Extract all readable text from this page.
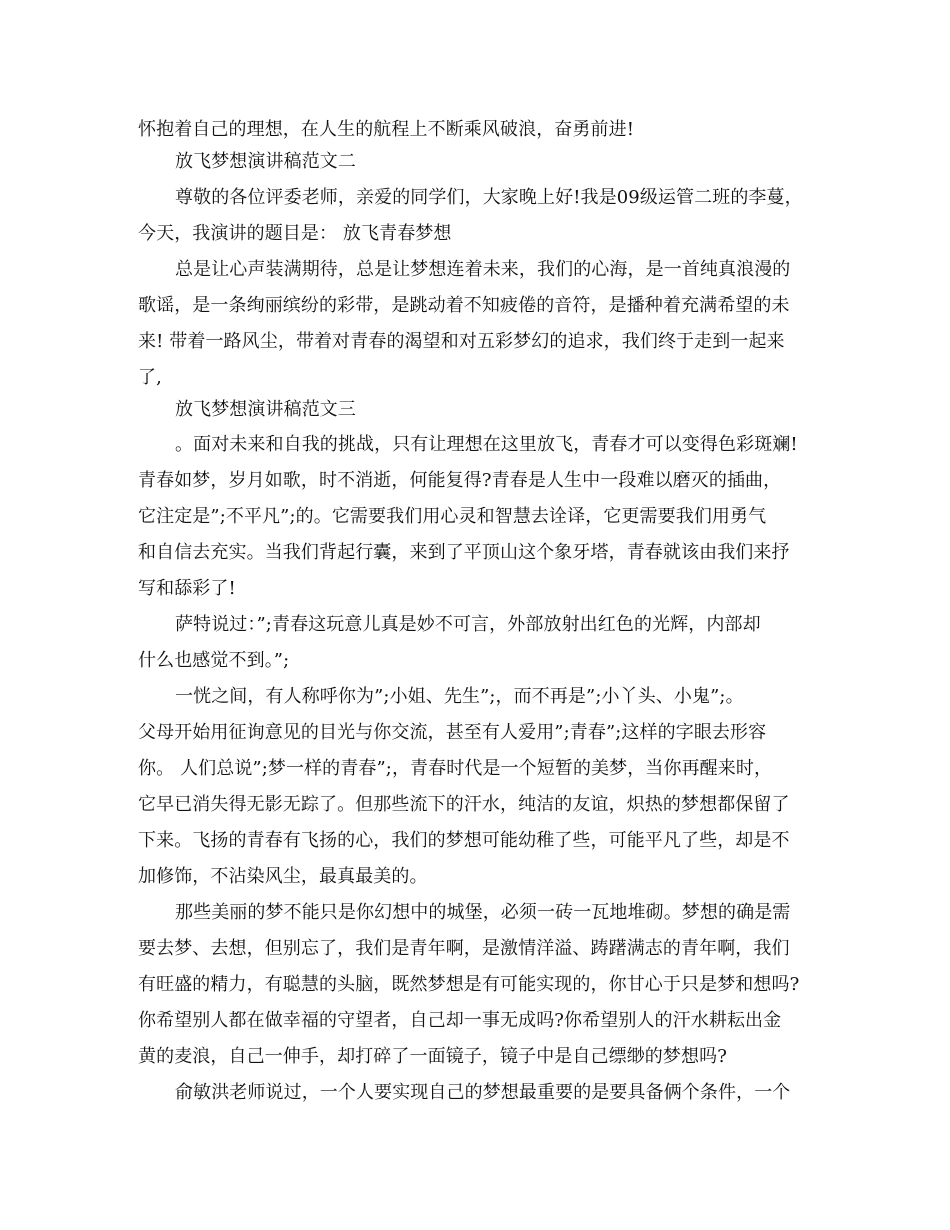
怀抱着自己的理想，在人生的航程上不断乘风破浪，奋勇前进!
放飞梦想演讲稿范文二
尊敬的各位评委老师，亲爱的同学们，大家晚上好!我是09级运管二班的李蔓，
今天，我演讲的题目是： 放飞青春梦想
总是让心声装满期待，总是让梦想连着未来，我们的心海，是一首纯真浪漫的
歌谣，是一条绚丽缤纷的彩带，是跳动着不知疲倦的音符，是播种着充满希望的未
来! 带着一路风尘，带着对青春的渴望和对五彩梦幻的追求，我们终于走到一起来
了,
放飞梦想演讲稿范文三
。面对未来和自我的挑战，只有让理想在这里放飞，青春才可以变得色彩斑斓!
青春如梦，岁月如歌，时不消逝，何能复得?青春是人生中一段难以磨灭的插曲，
它注定是”;不平凡”;的。它需要我们用心灵和智慧去诠译，它更需要我们用勇气
和自信去充实。当我们背起行囊，来到了平顶山这个象牙塔，青春就该由我们来抒
写和舔彩了!
萨特说过：”;青春这玩意儿真是妙不可言，外部放射出红色的光辉，内部却
什么也感觉不到。”;
一恍之间，有人称呼你为”;小姐、先生”;，而不再是”;小丫头、小鬼”;。
父母开始用征询意见的目光与你交流，甚至有人爱用”;青春”;这样的字眼去形容
你。 人们总说”;梦一样的青春”;，青春时代是一个短暂的美梦，当你再醒来时，
它早已消失得无影无踪了。但那些流下的汗水，纯洁的友谊，炽热的梦想都保留了
下来。飞扬的青春有飞扬的心，我们的梦想可能幼稚了些，可能平凡了些，却是不
加修饰，不沾染风尘，最真最美的。
那些美丽的梦不能只是你幻想中的城堡，必须一砖一瓦地堆砌。梦想的确是需
要去梦、去想，但别忘了，我们是青年啊，是激情洋溢、踌躇满志的青年啊，我们
有旺盛的精力，有聪慧的头脑，既然梦想是有可能实现的，你甘心于只是梦和想吗?
你希望别人都在做幸福的守望者，自己却一事无成吗?你希望别人的汗水耕耘出金
黄的麦浪，自己一伸手，却打碎了一面镜子，镜子中是自己缥缈的梦想吗?
俞敏洪老师说过，一个人要实现自己的梦想最重要的是要具备俩个条件，一个
